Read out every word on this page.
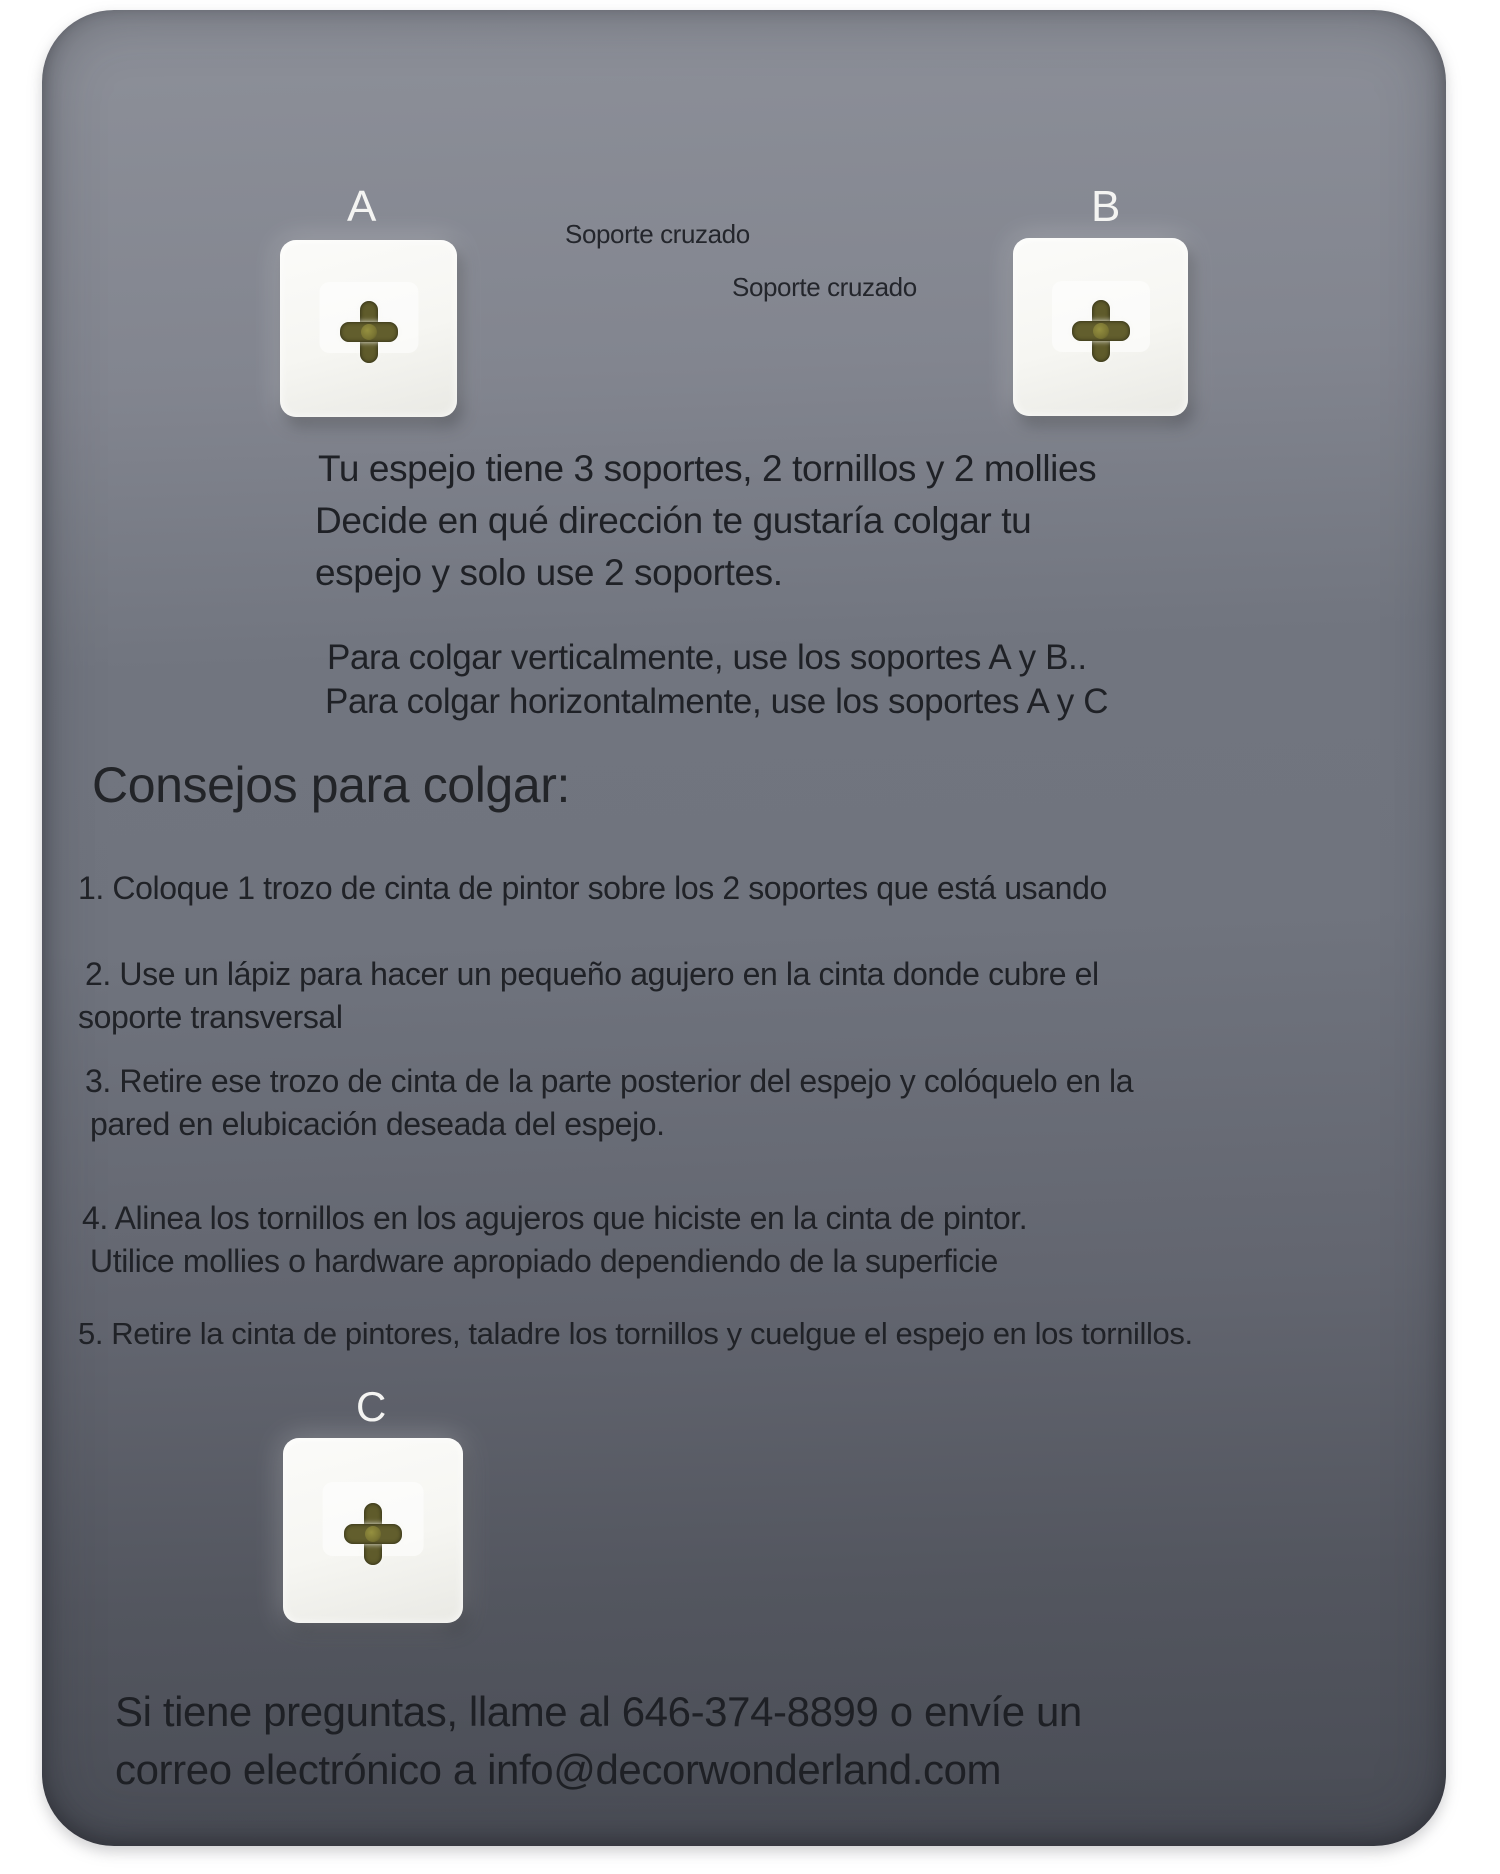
A	B
C
Soporte cruzado
Soporte cruzado
Tu espejo tiene 3 soportes, 2 tornillos y 2 mollies
Decide en qué dirección te gustaría colgar tu
espejo y solo use 2 soportes.
Para colgar verticalmente, use los soportes A y B..
Para colgar horizontalmente, use los soportes A y C
Consejos para colgar:
1. Coloque 1 trozo de cinta de pintor sobre los 2 soportes que está usando
2. Use un lápiz para hacer un pequeño agujero en la cinta donde cubre el
soporte transversal
3. Retire ese trozo de cinta de la parte posterior del espejo y colóquelo en la
pared en elubicación deseada del espejo.
4. Alinea los tornillos en los agujeros que hiciste en la cinta de pintor.
Utilice mollies o hardware apropiado dependiendo de la superficie
5. Retire la cinta de pintores, taladre los tornillos y cuelgue el espejo en los tornillos.
Si tiene preguntas, llame al 646-374-8899 o envíe un
correo electrónico a info@decorwonderland.com
